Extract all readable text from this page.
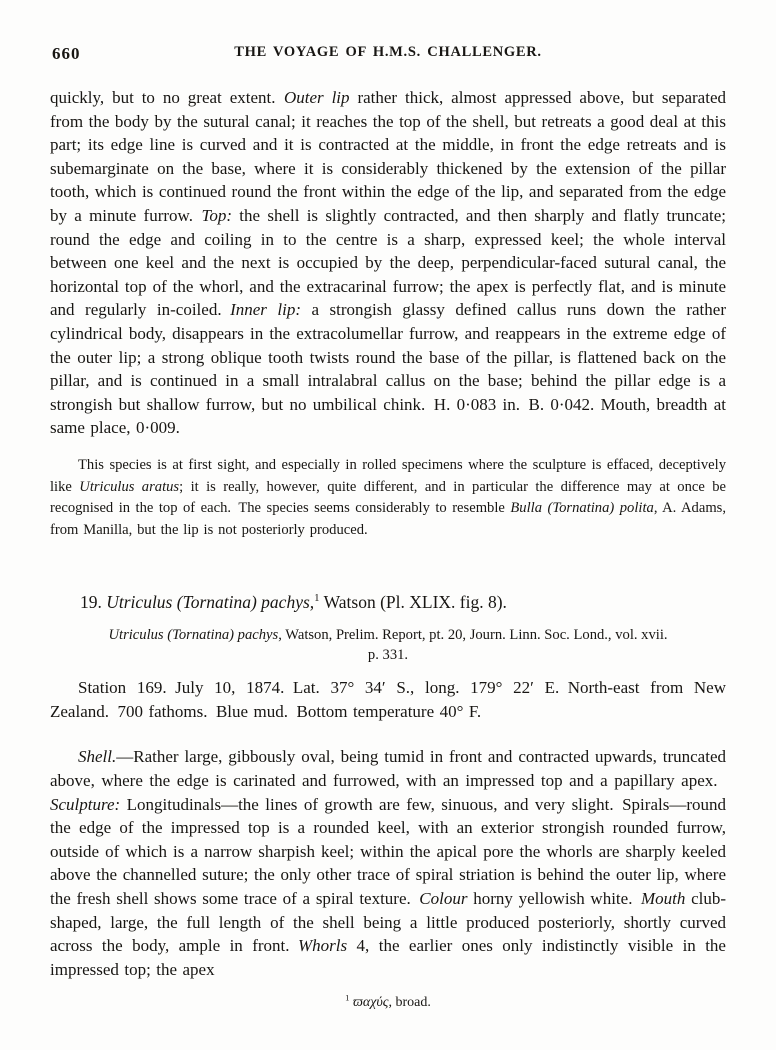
660	THE VOYAGE OF H.M.S. CHALLENGER.

quickly, but to no great extent. Outer lip rather thick, almost appressed above, but separated from the body by the sutural canal; it reaches the top of the shell, but retreats a good deal at this part; its edge line is curved and it is contracted at the middle, in front the edge retreats and is subemarginate on the base, where it is considerably thickened by the extension of the pillar tooth, which is continued round the front within the edge of the lip, and separated from the edge by a minute furrow. Top: the shell is slightly contracted, and then sharply and flatly truncate; round the edge and coiling in to the centre is a sharp, expressed keel; the whole interval between one keel and the next is occupied by the deep, perpendicular-faced sutural canal, the horizontal top of the whorl, and the extracarinal furrow; the apex is perfectly flat, and is minute and regularly in-coiled. Inner lip: a strongish glassy defined callus runs down the rather cylindrical body, disappears in the extracolumellar furrow, and reappears in the extreme edge of the outer lip; a strong oblique tooth twists round the base of the pillar, is flattened back on the pillar, and is continued in a small intralabral callus on the base; behind the pillar edge is a strongish but shallow furrow, but no umbilical chink. H. 0·083 in. B. 0·042. Mouth, breadth at same place, 0·009.

This species is at first sight, and especially in rolled specimens where the sculpture is effaced, deceptively like Utriculus aratus; it is really, however, quite different, and in particular the difference may at once be recognised in the top of each. The species seems considerably to resemble Bulla (Tornatina) polita, A. Adams, from Manilla, but the lip is not posteriorly produced.

19. Utriculus (Tornatina) pachys,$^1$ Watson (Pl. XLIX. fig. 8).

Utriculus (Tornatina) pachys, Watson, Prelim. Report, pt. 20, Journ. Linn. Soc. Lond., vol. xvii.
p. 331.

Station 169. July 10, 1874. Lat. 37° 34′ S., long. 179° 22′ E. North-east from New Zealand. 700 fathoms. Blue mud. Bottom temperature 40° F.

Shell.—Rather large, gibbously oval, being tumid in front and contracted upwards, truncated above, where the edge is carinated and furrowed, with an impressed top and a papillary apex. Sculpture: Longitudinals—the lines of growth are few, sinuous, and very slight. Spirals—round the edge of the impressed top is a rounded keel, with an exterior strongish rounded furrow, outside of which is a narrow sharpish keel; within the apical pore the whorls are sharply keeled above the channelled suture; the only other trace of spiral striation is behind the outer lip, where the fresh shell shows some trace of a spiral texture. Colour horny yellowish white. Mouth club-shaped, large, the full length of the shell being a little produced posteriorly, shortly curved across the body, ample in front. Whorls 4, the earlier ones only indistinctly visible in the impressed top; the apex

$^1$ ϖαχύς, broad.
